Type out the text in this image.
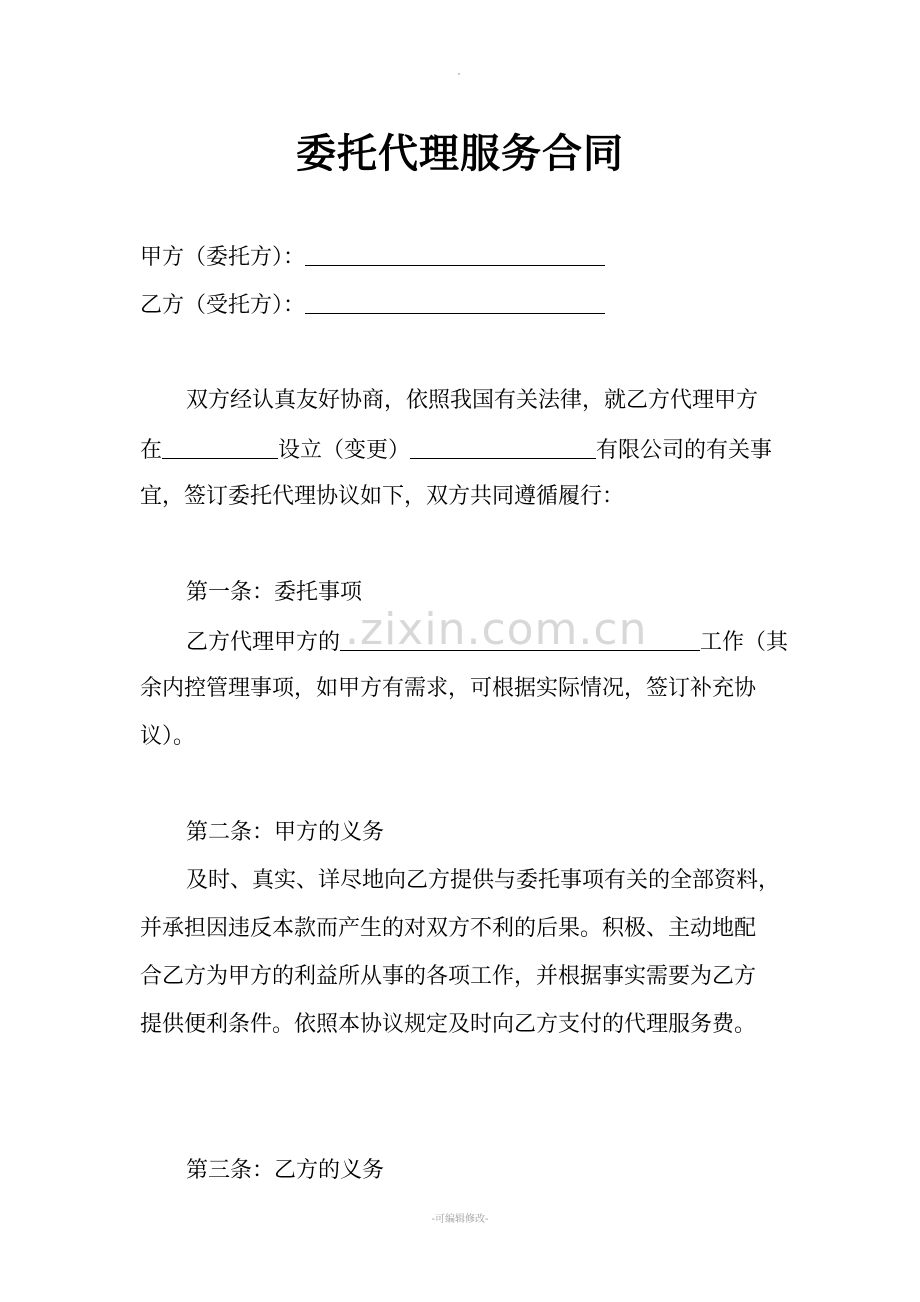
委托代理服务合同
甲方（委托方）：
乙方（受托方）：
双方经认真友好协商，依照我国有关法律，就乙方代理甲方
在	设立（变更）	有限公司的有关事
宜，签订委托代理协议如下，双方共同遵循履行：
第一条：委托事项
.zixin.com.cn
乙方代理甲方的	工作（其
余内控管理事项，如甲方有需求，可根据实际情况，签订补充协
议）。
第二条：甲方的义务
及时、真实、详尽地向乙方提供与委托事项有关的全部资料，
并承担因违反本款而产生的对双方不利的后果。积极、主动地配
合乙方为甲方的利益所从事的各项工作，并根据事实需要为乙方
提供便利条件。依照本协议规定及时向乙方支付的代理服务费。
第三条：乙方的义务
-可编辑修改-
